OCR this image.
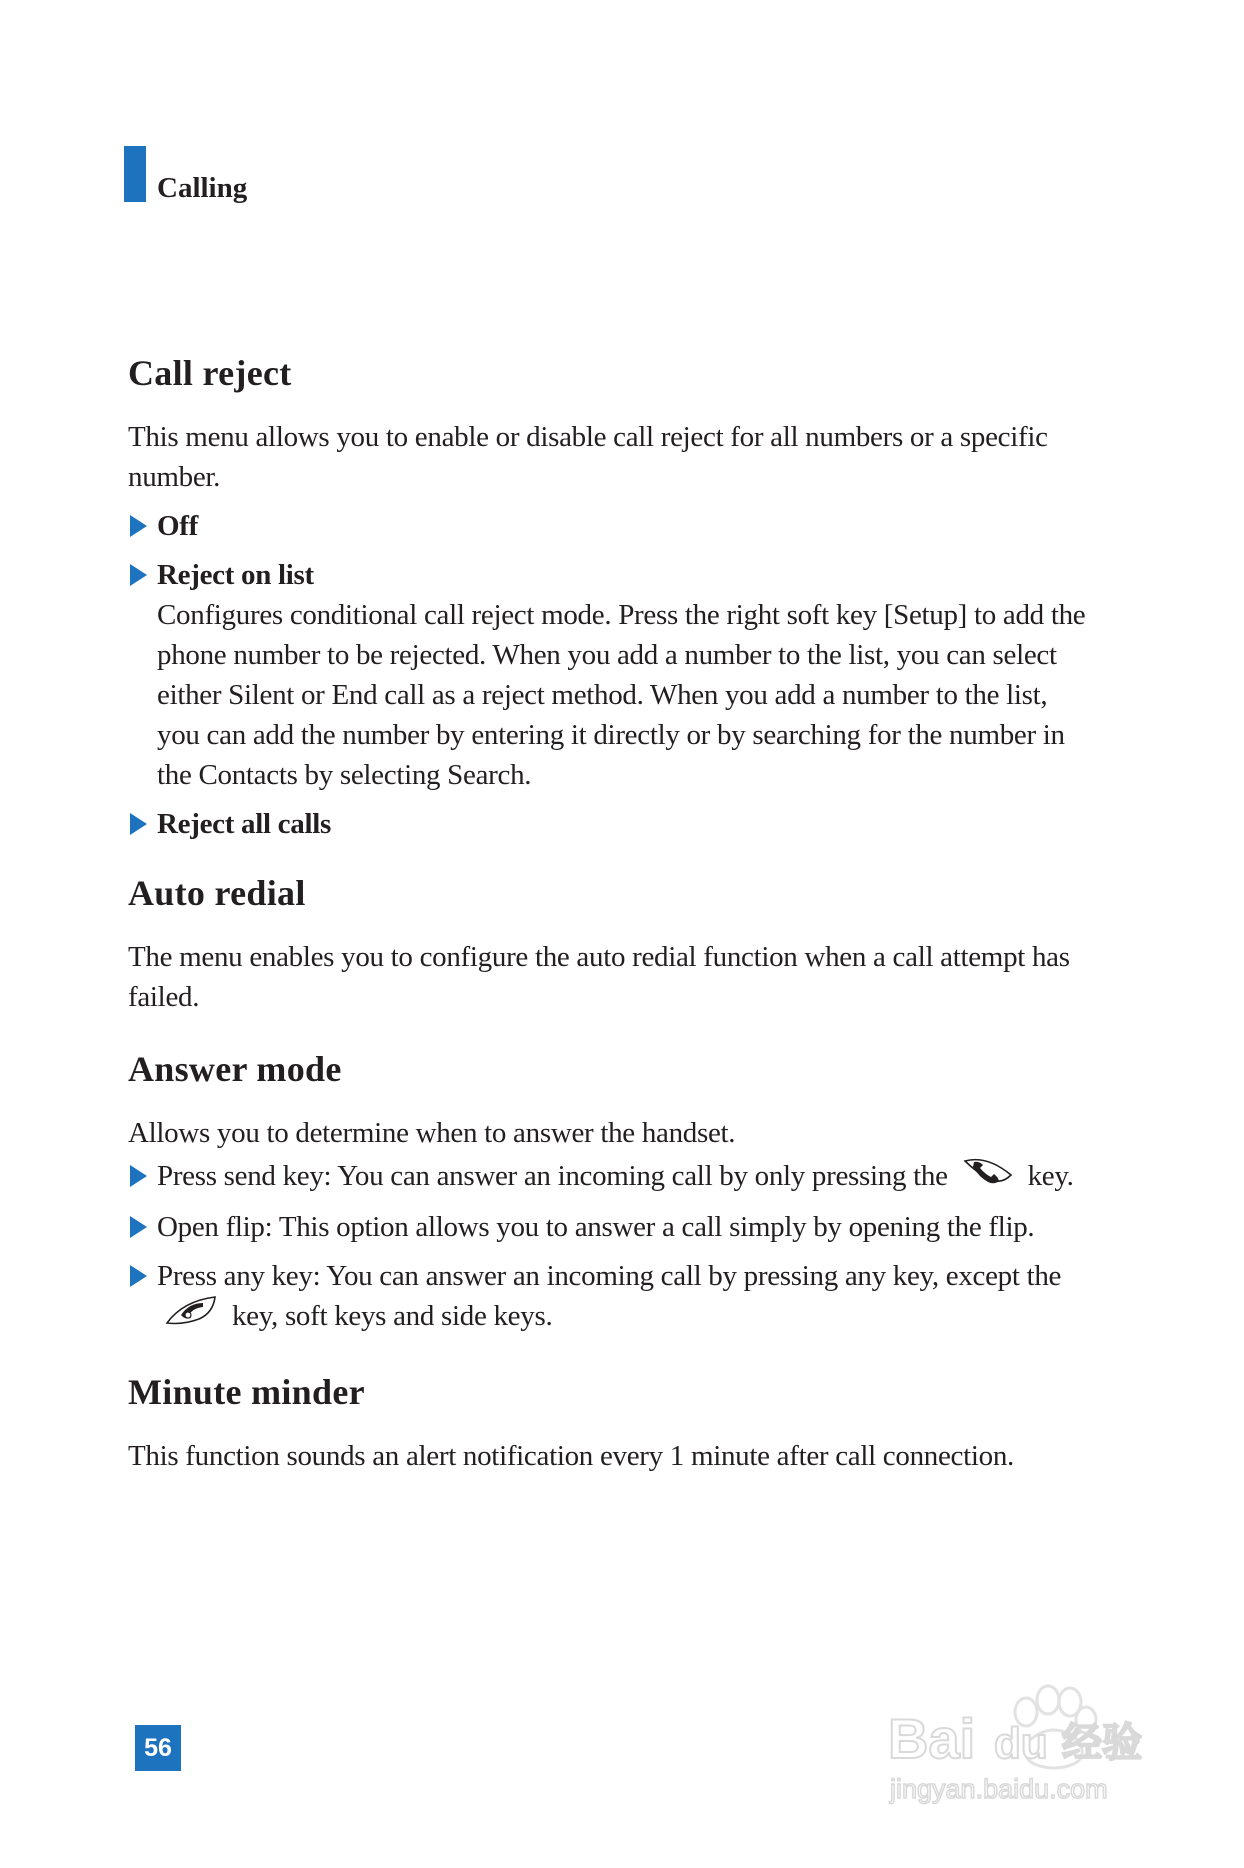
Calling
Call reject

This menu allows you to enable or disable call reject for all numbers or a specific number.

Off
Reject on list
Configures conditional call reject mode. Press the right soft key [Setup] to add the phone number to be rejected. When you add a number to the list, you can select either Silent or End call as a reject method. When you add a number to the list, you can add the number by entering it directly or by searching for the number in the Contacts by selecting Search.
Reject all calls
Auto redial

The menu enables you to configure the auto redial function when a call attempt has failed.

Answer mode

Allows you to determine when to answer the handset.

Press send key: You can answer an incoming call by only pressing the	key.
Open flip: This option allows you to answer a call simply by opening the flip.
Press any key: You can answer an incoming call by pressing any key, except the  key, soft keys and side keys.
Minute minder

This function sounds an alert notification every 1 minute after call connection.

56	Bai du 经验
jingyan.baidu.com
